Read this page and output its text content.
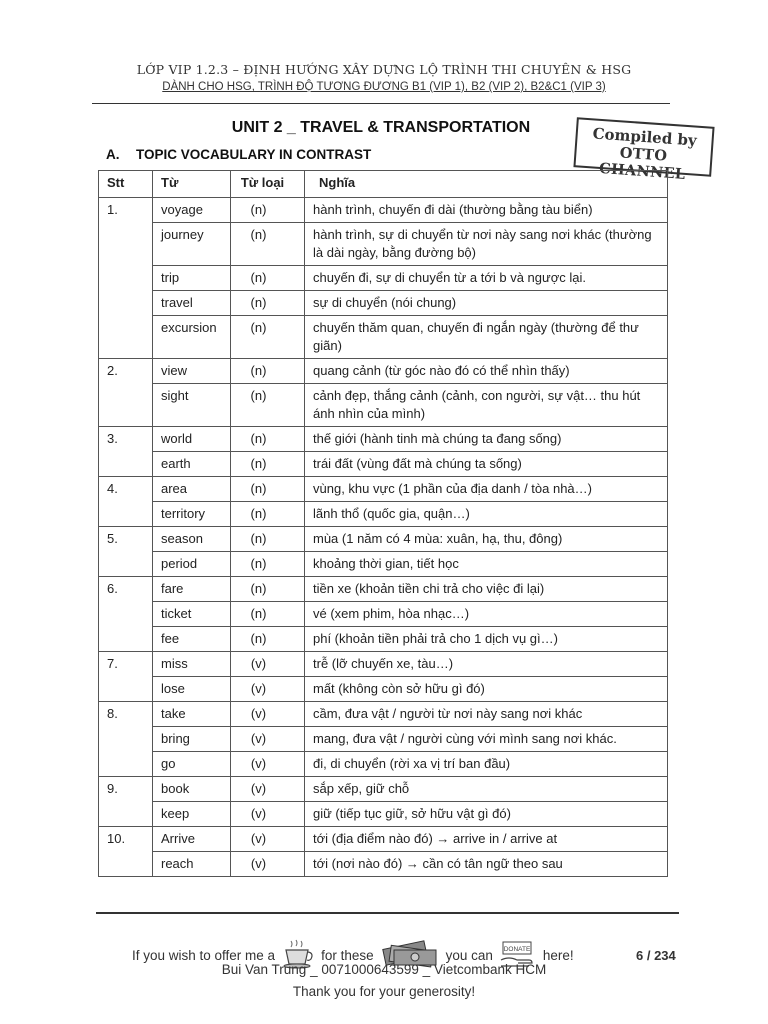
LỚP VIP 1.2.3 – ĐỊNH HƯỚNG XÂY DỰNG LỘ TRÌNH THI CHUYÊN & HSG
DÀNH CHO HSG, TRÌNH ĐỘ TƯƠNG ĐƯƠNG B1 (VIP 1), B2 (VIP 2), B2&C1 (VIP 3)
UNIT 2 _ TRAVEL & TRANSPORTATION	Compiled by
OTTO CHANNEL
A. TOPIC VOCABULARY IN CONTRAST
Stt	Từ	Từ loại	Nghĩa
1.	voyage	(n)	hành trình, chuyến đi dài (thường bằng tàu biển)
	journey	(n)	hành trình, sự di chuyển từ nơi này sang nơi khác (thường là dài ngày, bằng đường bộ)
	trip	(n)	chuyến đi, sự di chuyển từ a tới b và ngược lại.
	travel	(n)	sự di chuyển (nói chung)
	excursion	(n)	chuyến thăm quan, chuyến đi ngắn ngày (thường để thư giãn)
2.	view	(n)	quang cảnh (từ góc nào đó có thể nhìn thấy)
	sight	(n)	cảnh đẹp, thắng cảnh (cảnh, con người, sự vật… thu hút ánh nhìn của mình)
3.	world	(n)	thế giới (hành tinh mà chúng ta đang sống)
	earth	(n)	trái đất (vùng đất mà chúng ta sống)
4.	area	(n)	vùng, khu vực (1 phần của địa danh / tòa nhà…)
	territory	(n)	lãnh thổ (quốc gia, quận…)
5.	season	(n)	mùa (1 năm có 4 mùa: xuân, hạ, thu, đông)
	period	(n)	khoảng thời gian, tiết học
6.	fare	(n)	tiền xe (khoản tiền chi trả cho việc đi lại)
	ticket	(n)	vé (xem phim, hòa nhạc…)
	fee	(n)	phí (khoản tiền phải trả cho 1 dịch vụ gì…)
7.	miss	(v)	trễ (lỡ chuyến xe, tàu…)
	lose	(v)	mất (không còn sở hữu gì đó)
8.	take	(v)	cầm, đưa vật / người từ nơi này sang nơi khác
	bring	(v)	mang, đưa vật / người cùng với mình sang nơi khác.
	go	(v)	đi, di chuyển (rời xa vị trí ban đầu)
9.	book	(v)	sắp xếp, giữ chỗ
	keep	(v)	giữ (tiếp tục giữ, sở hữu vật gì đó)
10.	Arrive	(v)	tới (địa điểm nào đó) → arrive in / arrive at
	reach	(v)	tới (nơi nào đó) → cần có tân ngữ theo sau
If you wish to offer me a	for these	you can DONATE here!	6 / 234
Bui Van Trung _ 0071000643599 _ Vietcombank HCM
Thank you for your generosity!
